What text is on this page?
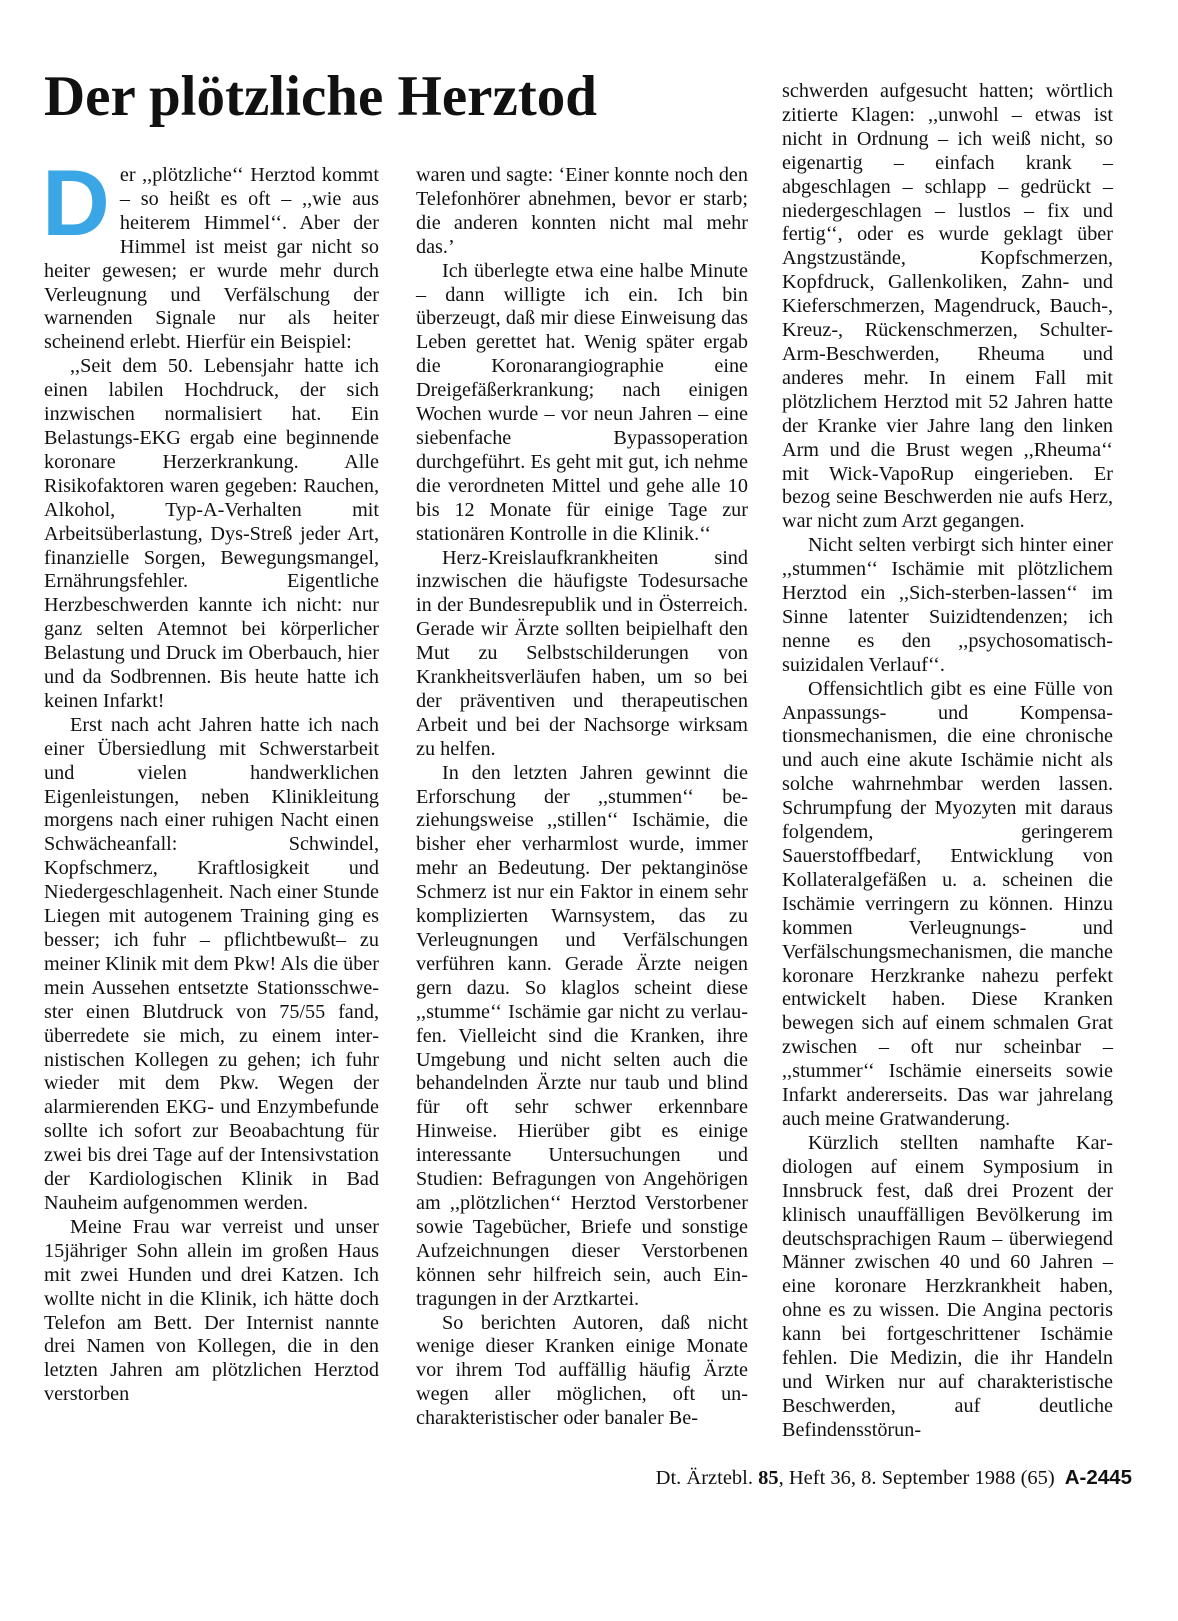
Der plötzliche Herztod

Der ,,plötzliche‘‘ Herztod kommt – so heißt es oft – ,,wie aus heiterem Himmel‘‘. Aber der Himmel ist meist gar nicht so heiter gewesen; er wurde mehr durch Verleugnung und Verfälschung der warnenden Signale nur als heiter scheinend erlebt. Hierfür ein Beispiel:

,,Seit dem 50. Lebensjahr hatte ich einen labilen Hochdruck, der sich inzwischen normalisiert hat. Ein Belastungs-EKG ergab eine beginnende koronare Herzerkrankung. Alle Risikofaktoren waren gegeben: Rauchen, Alkohol, Typ-A-Verhalten mit Arbeitsüberlastung, Dys-Streß jeder Art, finanzielle Sorgen, Bewegungsmangel, Ernährungsfehler. Eigentliche Herzbeschwerden kannte ich nicht: nur ganz selten Atemnot bei körperlicher Belastung und Druck im Oberbauch, hier und da Sodbrennen. Bis heute hatte ich keinen Infarkt!

Erst nach acht Jahren hatte ich nach einer Übersiedlung mit Schwerstarbeit und vielen handwerklichen Eigenleistungen, neben Klinikleitung morgens nach einer ruhigen Nacht einen Schwächeanfall: Schwindel, Kopfschmerz, Kraftlosigkeit und Niedergeschlagenheit. Nach einer Stunde Liegen mit autogenem Training ging es besser; ich fuhr – pflichtbewußt– zu meiner Klinik mit dem Pkw! Als die über mein Aussehen entsetzte Stationsschwester einen Blutdruck von 75/55 fand, überredete sie mich, zu einem internistischen Kollegen zu gehen; ich fuhr wieder mit dem Pkw. Wegen der alarmierenden EKG- und Enzymbefunde sollte ich sofort zur Beoabachtung für zwei bis drei Tage auf der Intensivstation der Kardiologischen Klinik in Bad Nauheim aufgenommen werden.

Meine Frau war verreist und unser 15jähriger Sohn allein im großen Haus mit zwei Hunden und drei Katzen. Ich wollte nicht in die Klinik, ich hätte doch Telefon am Bett. Der Internist nannte drei Namen von Kollegen, die in den letzten Jahren am plötzlichen Herztod verstorben

waren und sagte: ‘Einer konnte noch den Telefonhörer abnehmen, bevor er starb; die anderen konnten nicht mal mehr das.’

Ich überlegte etwa eine halbe Minute – dann willigte ich ein. Ich bin überzeugt, daß mir diese Einweisung das Leben gerettet hat. Wenig später ergab die Koronarangiographie eine Dreigefäßerkrankung; nach einigen Wochen wurde – vor neun Jahren – eine siebenfache Bypassoperation durchgeführt. Es geht mit gut, ich nehme die verordneten Mittel und gehe alle 10 bis 12 Monate für einige Tage zur stationären Kontrolle in die Klinik.‘‘

Herz-Kreislaufkrankheiten sind inzwischen die häufigste Todesursache in der Bundesrepublik und in Österreich. Gerade wir Ärzte sollten beipielhaft den Mut zu Selbstschilderungen von Krankheitsverläufen haben, um so bei der präventiven und therapeutischen Arbeit und bei der Nachsorge wirksam zu helfen.

In den letzten Jahren gewinnt die Erforschung der ,,stummen‘‘ beziehungsweise ,,stillen‘‘ Ischämie, die bisher eher verharmlost wurde, immer mehr an Bedeutung. Der pektanginöse Schmerz ist nur ein Faktor in einem sehr komplizierten Warnsystem, das zu Verleugnungen und Verfälschungen verführen kann. Gerade Ärzte neigen gern dazu. So klaglos scheint diese ,,stumme‘‘ Ischämie gar nicht zu verlaufen. Vielleicht sind die Kranken, ihre Umgebung und nicht selten auch die behandelnden Ärzte nur taub und blind für oft sehr schwer erkennbare Hinweise. Hierüber gibt es einige interessante Untersuchungen und Studien: Befragungen von Angehörigen am ,,plötzlichen‘‘ Herztod Verstorbener sowie Tagebücher, Briefe und sonstige Aufzeichnungen dieser Verstorbenen können sehr hilfreich sein, auch Eintragungen in der Arztkartei.

So berichten Autoren, daß nicht wenige dieser Kranken einige Monate vor ihrem Tod auffällig häufig Ärzte wegen aller möglichen, oft uncharakteristischer oder banaler Be-

schwerden aufgesucht hatten; wörtlich zitierte Klagen: ,,unwohl – etwas ist nicht in Ordnung – ich weiß nicht, so eigenartig – einfach krank – abgeschlagen – schlapp – gedrückt – niedergeschlagen – lustlos – fix und fertig‘‘, oder es wurde geklagt über Angstzustände, Kopfschmerzen, Kopfdruck, Gallenkoliken, Zahn- und Kieferschmerzen, Magendruck, Bauch-, Kreuz-, Rückenschmerzen, Schulter-Arm-Beschwerden, Rheuma und anderes mehr. In einem Fall mit plötzlichem Herztod mit 52 Jahren hatte der Kranke vier Jahre lang den linken Arm und die Brust wegen ,,Rheuma‘‘ mit Wick-VapoRup eingerieben. Er bezog seine Beschwerden nie aufs Herz, war nicht zum Arzt gegangen.

Nicht selten verbirgt sich hinter einer ,,stummen‘‘ Ischämie mit plötzlichem Herztod ein ,,Sich-sterben-lassen‘‘ im Sinne latenter Suizidtendenzen; ich nenne es den ,,psychosomatisch-suizidalen Verlauf‘‘.

Offensichtlich gibt es eine Fülle von Anpassungs- und Kompensationsmechanismen, die eine chronische und auch eine akute Ischämie nicht als solche wahrnehmbar werden lassen. Schrumpfung der Myozyten mit daraus folgendem, geringerem Sauerstoffbedarf, Entwicklung von Kollateralgefäßen u. a. scheinen die Ischämie verringern zu können. Hinzu kommen Verleugnungs- und Verfälschungsmechanismen, die manche koronare Herzkranke nahezu perfekt entwickelt haben. Diese Kranken bewegen sich auf einem schmalen Grat zwischen – oft nur scheinbar – ,,stummer‘‘ Ischämie einerseits sowie Infarkt andererseits. Das war jahrelang auch meine Gratwanderung.

Kürzlich stellten namhafte Kardiologen auf einem Symposium in Innsbruck fest, daß drei Prozent der klinisch unauffälligen Bevölkerung im deutschsprachigen Raum – überwiegend Männer zwischen 40 und 60 Jahren – eine koronare Herzkrankheit haben, ohne es zu wissen. Die Angina pectoris kann bei fortgeschrittener Ischämie fehlen. Die Medizin, die ihr Handeln und Wirken nur auf charakteristische Beschwerden, auf deutliche Befindensstörun-

Dt. Ärztebl. 85, Heft 36, 8. September 1988 (65) A-2445
